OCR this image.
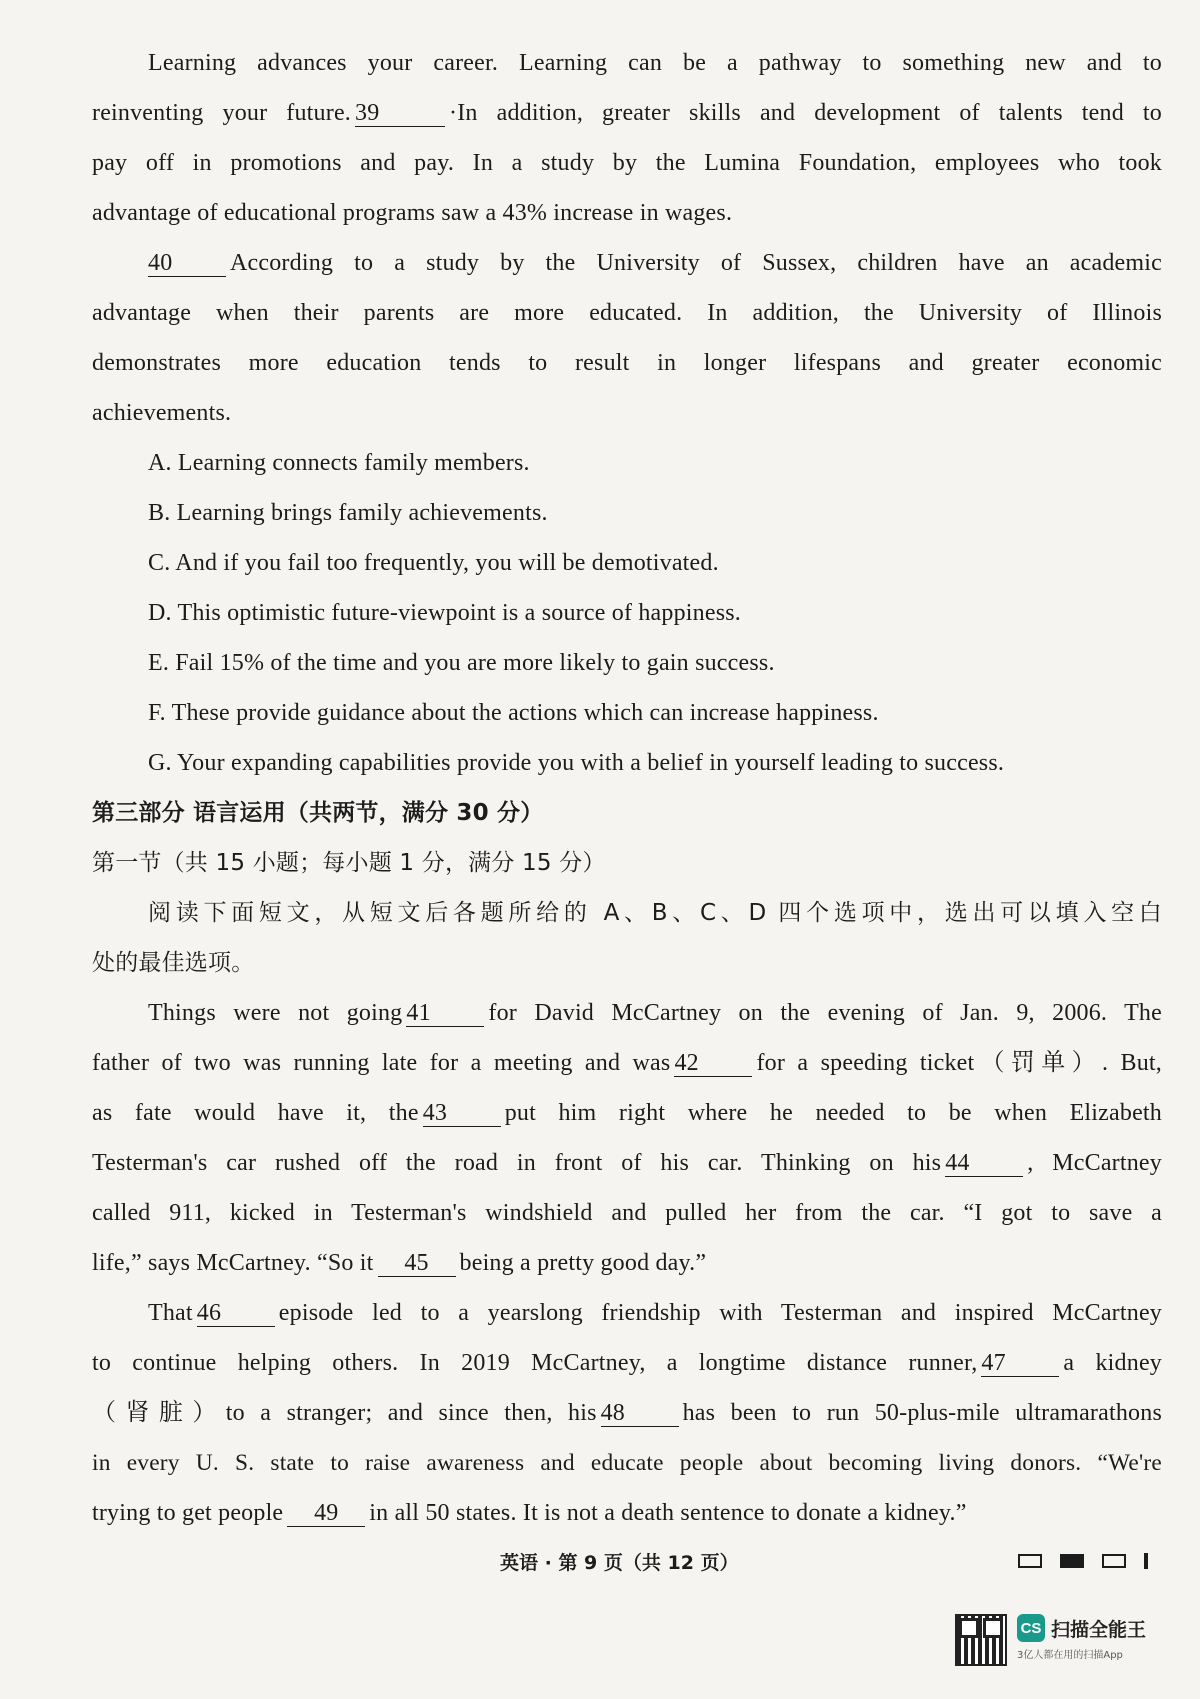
Learning advances your career. Learning can be a pathway to something new and to
reinventing your future. 39	·In addition, greater skills and development of talents tend to
pay off in promotions and pay. In a study by the Lumina Foundation, employees who took
advantage of educational programs saw a 43% increase in wages.
40 According to a study by the University of Sussex, children have an academic
advantage when their parents are more educated. In addition, the University of Illinois
demonstrates more education tends to result in longer lifespans and greater economic
achievements.
A. Learning connects family members.
B. Learning brings family achievements.
C. And if you fail too frequently, you will be demotivated.
D. This optimistic future-viewpoint is a source of happiness.
E. Fail 15% of the time and you are more likely to gain success.
F. These provide guidance about the actions which can increase happiness.
G. Your expanding capabilities provide you with a belief in yourself leading to success.
第三部分 语言运用（共两节，满分 30 分）
第一节（共 15 小题；每小题 1 分，满分 15 分）
阅读下面短文，从短文后各题所给的 A、B、C、D 四个选项中，选出可以填入空白
处的最佳选项。
Things were not going 41 for David McCartney on the evening of Jan. 9, 2006. The
father of two was running late for a meeting and was 42 for a speeding ticket（罚单）. But,
as fate would have it, the 43 put him right where he needed to be when Elizabeth
Testerman's car rushed off the road in front of his car. Thinking on his 44 , McCartney
called 911, kicked in Testerman's windshield and pulled her from the car. “I got to save a
life,” says McCartney. “So it 45 being a pretty good day.”
That 46 episode led to a yearslong friendship with Testerman and inspired McCartney
to continue helping others. In 2019 McCartney, a longtime distance runner, 47 a kidney
（肾脏）to a stranger; and since then, his 48 has been to run 50-plus-mile ultramarathons
in every U. S. state to raise awareness and educate people about becoming living donors. “We're
trying to get people 49 in all 50 states. It is not a death sentence to donate a kidney.”
英语 · 第 9 页（共 12 页）
CS 扫描全能王
3亿人都在用的扫描App
